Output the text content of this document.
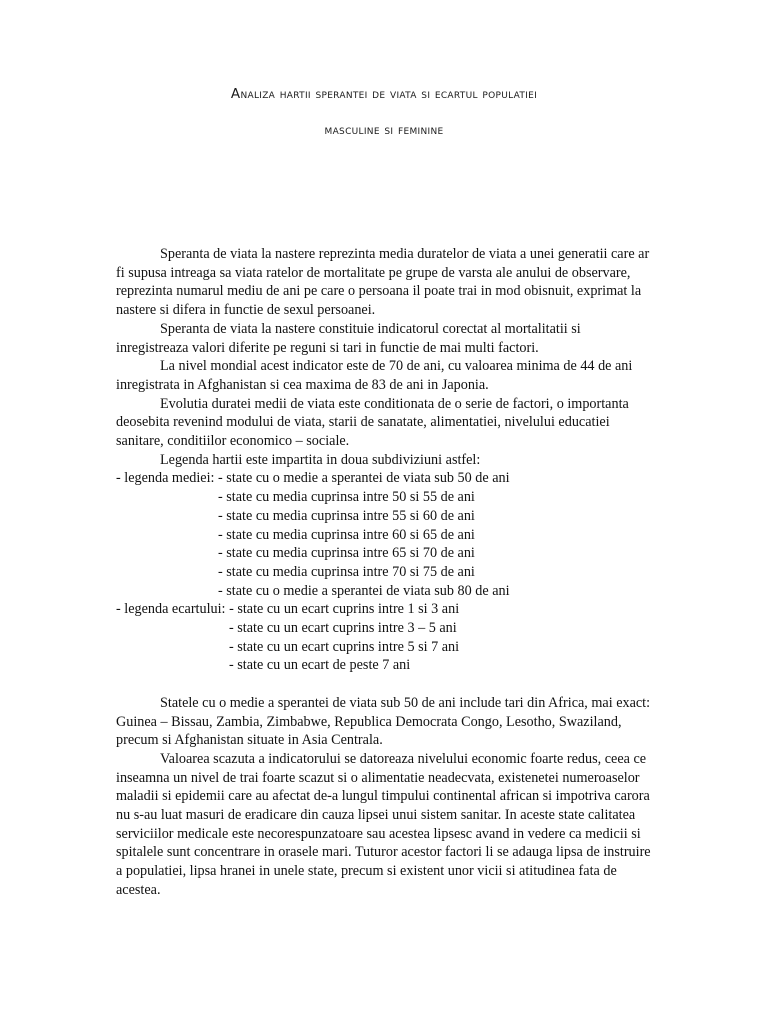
Analiza hartii sperantei de viata si ecartul populatiei
masculine si feminine

Speranta de viata la nastere reprezinta media duratelor de viata a unei generatii care ar fi supusa intreaga sa viata ratelor de mortalitate pe grupe de varsta ale anului de observare, reprezinta numarul mediu de ani pe care o persoana il poate trai in mod obisnuit, exprimat la nastere si difera in functie de sexul persoanei.

Speranta de viata la nastere constituie indicatorul corectat al mortalitatii si inregistreaza valori diferite pe reguni si tari in functie de mai multi factori.

La nivel mondial acest indicator este de 70 de ani, cu valoarea minima de 44 de ani inregistrata in Afghanistan si cea maxima de 83 de ani in Japonia.

Evolutia duratei medii de viata este conditionata de o serie de factori, o importanta deosebita revenind modului de viata, starii de sanatate, alimentatiei, nivelului educatiei sanitare, conditiilor economico – sociale.

Legenda hartii este impartita in doua subdiviziuni astfel:

- legenda mediei: - state cu o medie a sperantei de viata sub 50 de ani
- state cu media cuprinsa intre 50 si 55 de ani
- state cu media cuprinsa intre 55 si 60 de ani
- state cu media cuprinsa intre 60 si 65 de ani
- state cu media cuprinsa intre 65 si 70 de ani
- state cu media cuprinsa intre 70 si 75 de ani
- state cu o medie a sperantei de viata sub 80 de ani
- legenda ecartului: - state cu un ecart cuprins intre 1 si 3 ani
- state cu un ecart cuprins intre 3 – 5 ani
- state cu un ecart cuprins intre 5 si 7 ani
- state cu un ecart de peste 7 ani

Statele cu o medie a sperantei de viata sub 50 de ani include tari din Africa, mai exact: Guinea – Bissau, Zambia, Zimbabwe, Republica Democrata Congo, Lesotho, Swaziland, precum si Afghanistan situate in Asia Centrala.

Valoarea scazuta a indicatorului se datoreaza nivelului economic foarte redus, ceea ce inseamna un nivel de trai foarte scazut si o alimentatie neadecvata, existenetei numeroaselor maladii si epidemii care au afectat de-a lungul timpului continental african si impotriva carora nu s-au luat masuri de eradicare din cauza lipsei unui sistem sanitar. In aceste state calitatea serviciilor medicale este necorespunzatoare sau acestea lipsesc avand in vedere ca medicii si spitalele sunt concentrare in orasele mari. Tuturor acestor factori li se adauga lipsa de instruire a populatiei, lipsa hranei in unele state, precum si existent unor vicii si atitudinea fata de acestea.
